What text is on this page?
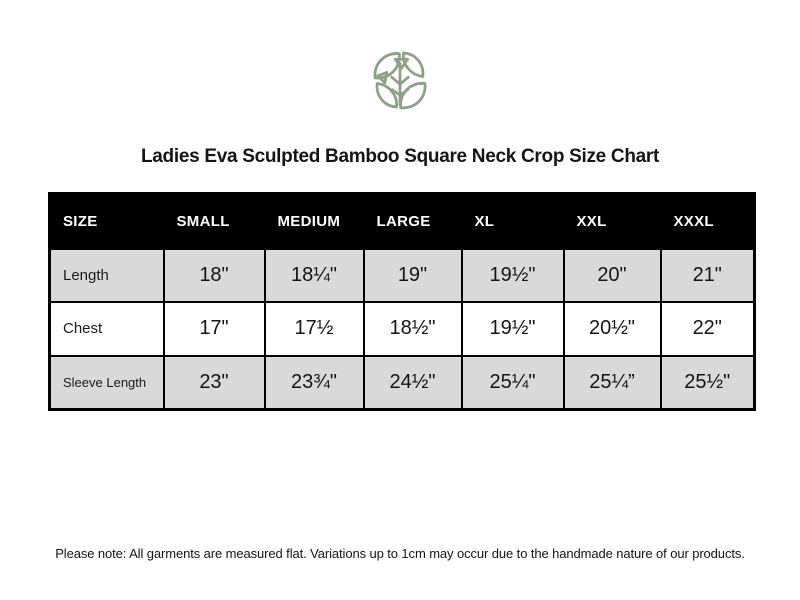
Ladies Eva Sculpted Bamboo Square Neck Crop Size Chart
SIZE	SMALL	MEDIUM	LARGE	XL	XXL	XXXL
Length	18"	18¼"	19"	19½"	20"	21"
Chest	17"	17½	18½"	19½"	20½"	22"
Sleeve Length	23"	23¾"	24½"	25¼"	25¼”	25½"

Please note: All garments are measured flat. Variations up to 1cm may occur due to the handmade nature of our products.
